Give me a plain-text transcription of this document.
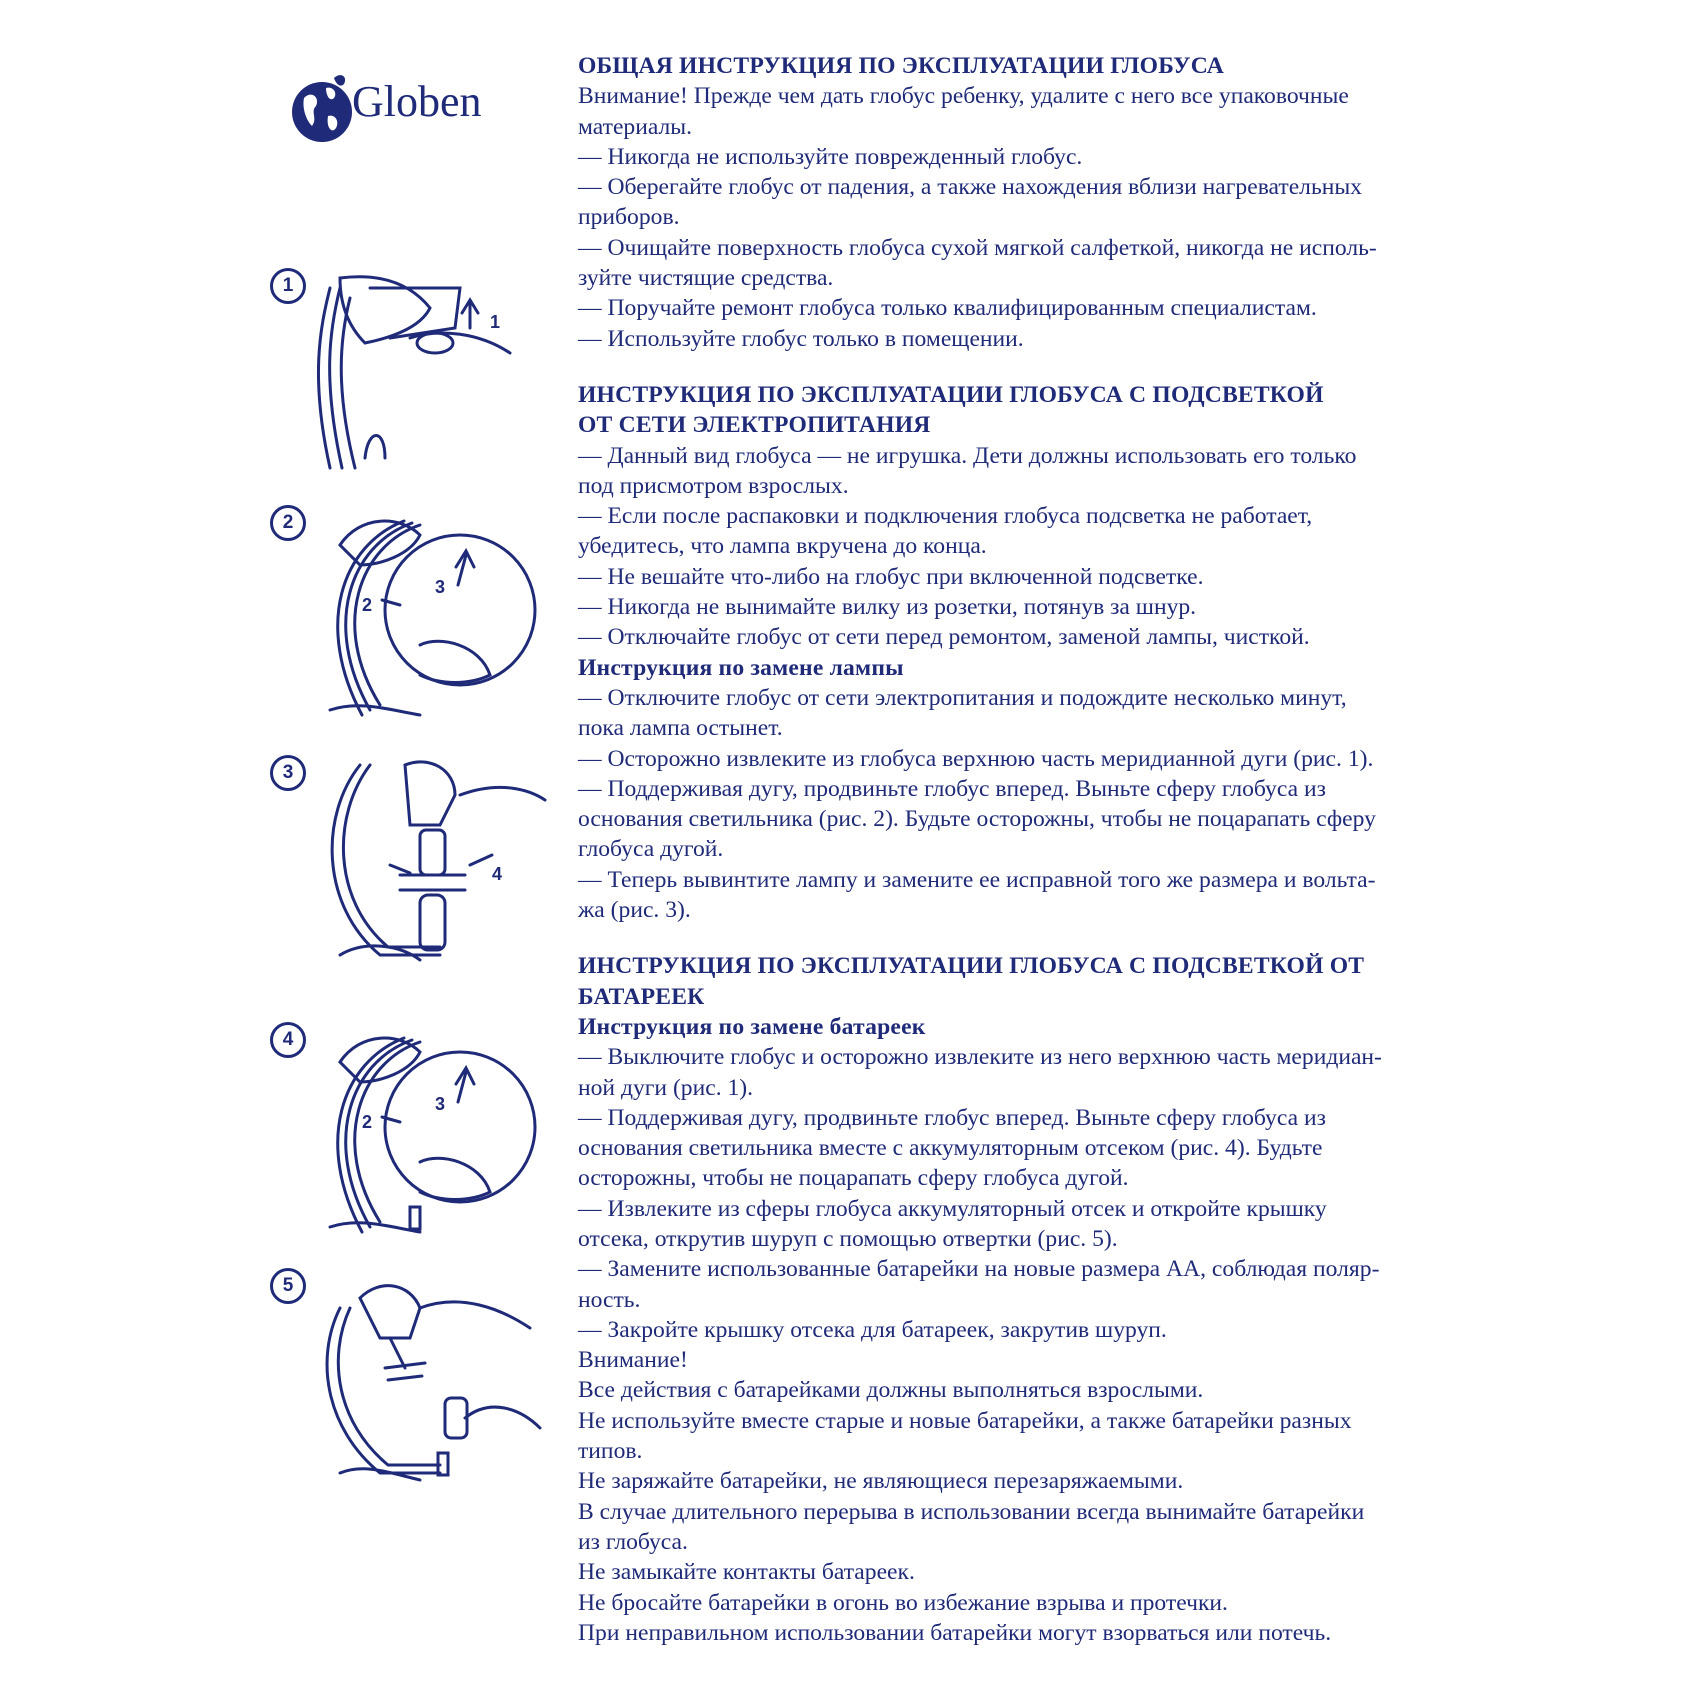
Globen
1
1
2
2
3
3
4
4
2
3
5

ОБЩАЯ ИНСТРУКЦИЯ ПО ЭКСПЛУАТАЦИИ ГЛОБУСА

Внимание! Прежде чем дать глобус ребенку, удалите с него все упаковочные

материалы.

— Никогда не используйте поврежденный глобус.

— Оберегайте глобус от падения, а также нахождения вблизи нагревательных

приборов.

— Очищайте поверхность глобуса сухой мягкой салфеткой, никогда не исполь-

зуйте чистящие средства.

— Поручайте ремонт глобуса только квалифицированным специалистам.

— Используйте глобус только в помещении.

ИНСТРУКЦИЯ ПО ЭКСПЛУАТАЦИИ ГЛОБУСА С ПОДСВЕТКОЙ

ОТ СЕТИ ЭЛЕКТРОПИТАНИЯ

— Данный вид глобуса — не игрушка. Дети должны использовать его только

под присмотром взрослых.

— Если после распаковки и подключения глобуса подсветка не работает,

убедитесь, что лампа вкручена до конца.

— Не вешайте что-либо на глобус при включенной подсветке.

— Никогда не вынимайте вилку из розетки, потянув за шнур.

— Отключайте глобус от сети перед ремонтом, заменой лампы, чисткой.

Инструкция по замене лампы

— Отключите глобус от сети электропитания и подождите несколько минут,

пока лампа остынет.

— Осторожно извлеките из глобуса верхнюю часть меридианной дуги (рис. 1).

— Поддерживая дугу, продвиньте глобус вперед. Выньте сферу глобуса из

основания светильника (рис. 2). Будьте осторожны, чтобы не поцарапать сферу

глобуса дугой.

— Теперь вывинтите лампу и замените ее исправной того же размера и вольта-

жа (рис. 3).

ИНСТРУКЦИЯ ПО ЭКСПЛУАТАЦИИ ГЛОБУСА С ПОДСВЕТКОЙ ОТ

БАТАРЕЕК

Инструкция по замене батареек

— Выключите глобус и осторожно извлеките из него верхнюю часть меридиан-

ной дуги (рис. 1).

— Поддерживая дугу, продвиньте глобус вперед. Выньте сферу глобуса из

основания светильника вместе с аккумуляторным отсеком (рис. 4). Будьте

осторожны, чтобы не поцарапать сферу глобуса дугой.

— Извлеките из сферы глобуса аккумуляторный отсек и откройте крышку

отсека, открутив шуруп с помощью отвертки (рис. 5).

— Замените использованные батарейки на новые размера АА, соблюдая поляр-

ность.

— Закройте крышку отсека для батареек, закрутив шуруп.

Внимание!

Все действия с батарейками должны выполняться взрослыми.

Не используйте вместе старые и новые батарейки, а также батарейки разных

типов.

Не заряжайте батарейки, не являющиеся перезаряжаемыми.

В случае длительного перерыва в использовании всегда вынимайте батарейки

из глобуса.

Не замыкайте контакты батареек.

Не бросайте батарейки в огонь во избежание взрыва и протечки.

При неправильном использовании батарейки могут взорваться или потечь.
